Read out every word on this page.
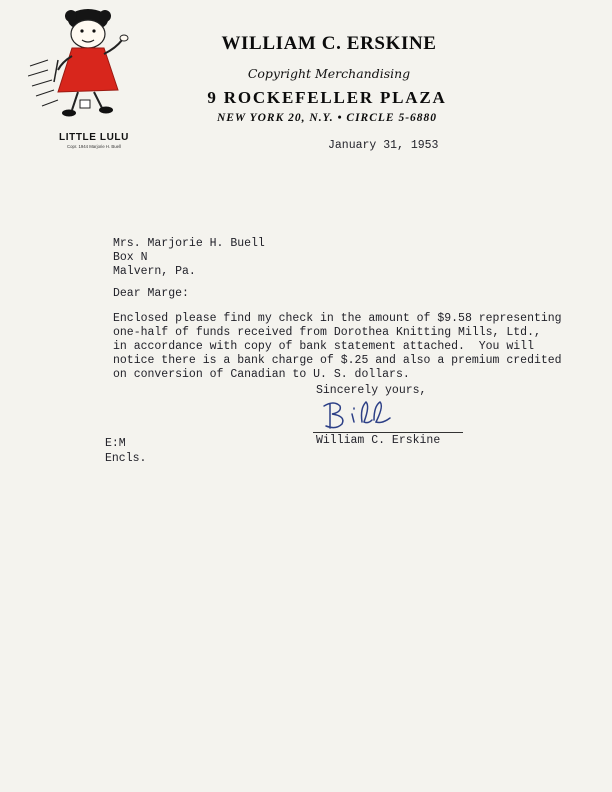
LITTLE LULU
Copr. 1944 Marjorie H. Buell
WILLIAM C. ERSKINE
Copyright Merchandising
9 ROCKEFELLER PLAZA
NEW YORK 20, N.Y. • CIRCLE 5-6880
January 31, 1953
Mrs. Marjorie H. Buell
Box N
Malvern, Pa.
Dear Marge:
Enclosed please find my check in the amount of $9.58 representing
one-half of funds received from Dorothea Knitting Mills, Ltd.,
in accordance with copy of bank statement attached.  You will
notice there is a bank charge of $.25 and also a premium credited
on conversion of Canadian to U. S. dollars.
Sincerely yours,
William C. Erskine
E:M
Encls.
